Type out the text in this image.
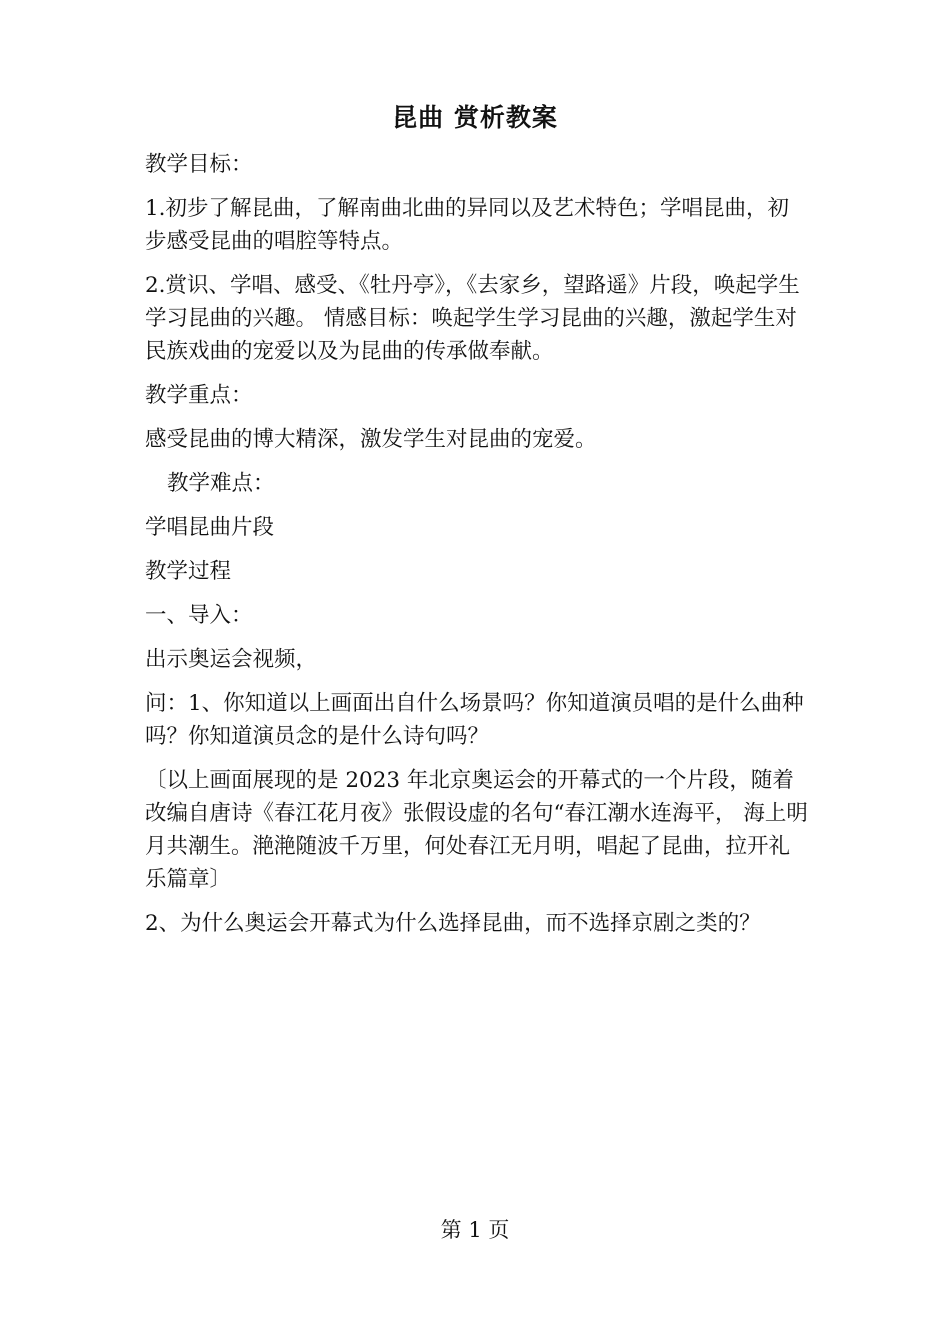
昆曲 赏析教案

教学目标：

1.初步了解昆曲，了解南曲北曲的异同以及艺术特色；学唱昆曲，初步感受昆曲的唱腔等特点。

2.赏识、学唱、感受、《牡丹亭》，《去家乡，望路遥》片段，唤起学生学习昆曲的兴趣。 情感目标：唤起学生学习昆曲的兴趣，激起学生对民族戏曲的宠爱以及为昆曲的传承做奉献。

教学重点：

感受昆曲的博大精深，激发学生对昆曲的宠爱。

教学难点：

学唱昆曲片段

教学过程

一、导入：

出示奥运会视频，

问：1、你知道以上画面出自什么场景吗？你知道演员唱的是什么曲种吗？你知道演员念的是什么诗句吗？

〔以上画面展现的是 2023 年北京奥运会的开幕式的一个片段，随着改编自唐诗《春江花月夜》张假设虚的名句“春江潮水连海平， 海上明月共潮生。滟滟随波千万里，何处春江无月明，唱起了昆曲，拉开礼乐篇章〕

2、为什么奥运会开幕式为什么选择昆曲，而不选择京剧之类的？

第 1 页
